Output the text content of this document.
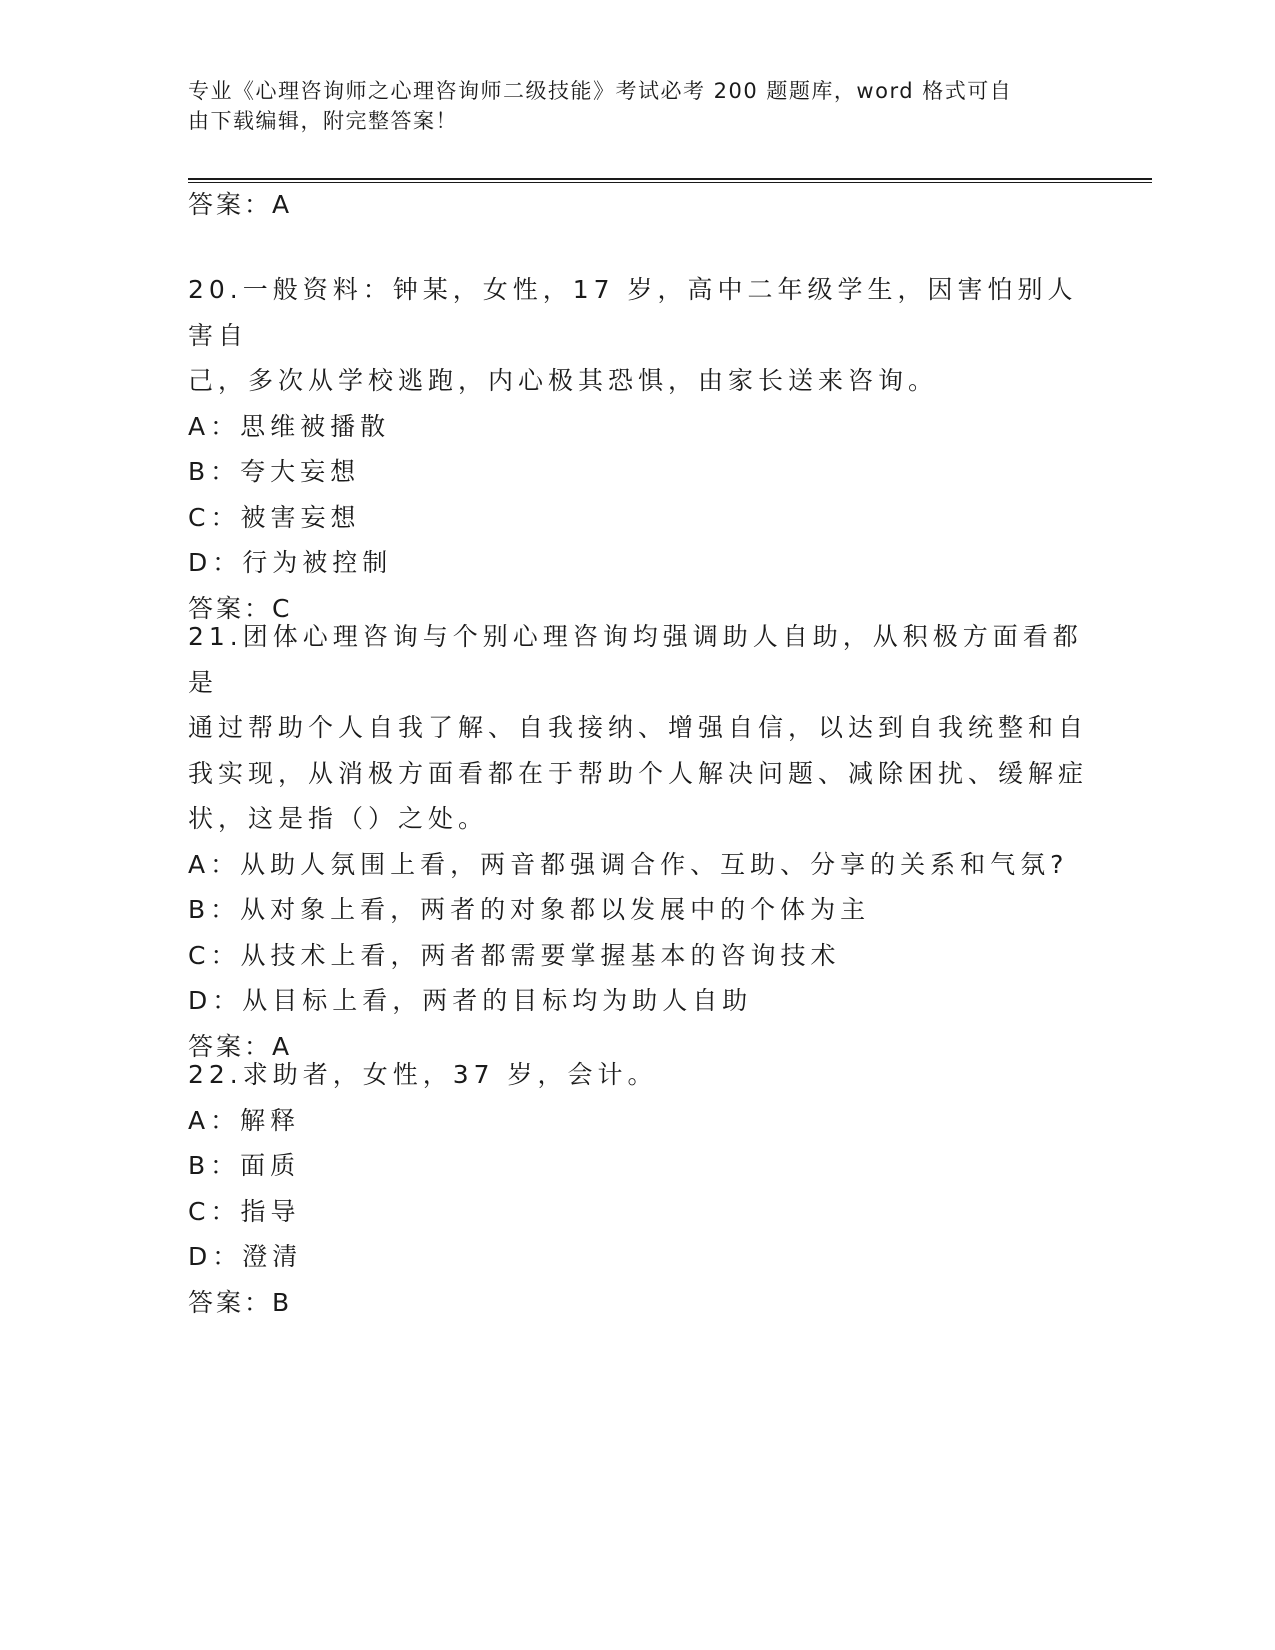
专业《心理咨询师之心理咨询师二级技能》考试必考 200 题题库，word 格式可自
由下载编辑，附完整答案！
答案：A
20.一般资料：钟某，女性，17 岁，高中二年级学生，因害怕别人害自
己，多次从学校逃跑，内心极其恐惧，由家长送来咨询。
A：思维被播散
B：夸大妄想
C：被害妄想
D：行为被控制
答案：C
21.团体心理咨询与个别心理咨询均强调助人自助，从积极方面看都是
通过帮助个人自我了解、自我接纳、增强自信，以达到自我统整和自
我实现，从消极方面看都在于帮助个人解决问题、减除困扰、缓解症
状，这是指（）之处。
A：从助人氛围上看，两音都强调合作、互助、分享的关系和气氛?
B：从对象上看，两者的对象都以发展中的个体为主
C：从技术上看，两者都需要掌握基本的咨询技术
D：从目标上看，两者的目标均为助人自助
答案：A
22.求助者，女性，37 岁，会计。
A：解释
B：面质
C：指导
D：澄清
答案：B
